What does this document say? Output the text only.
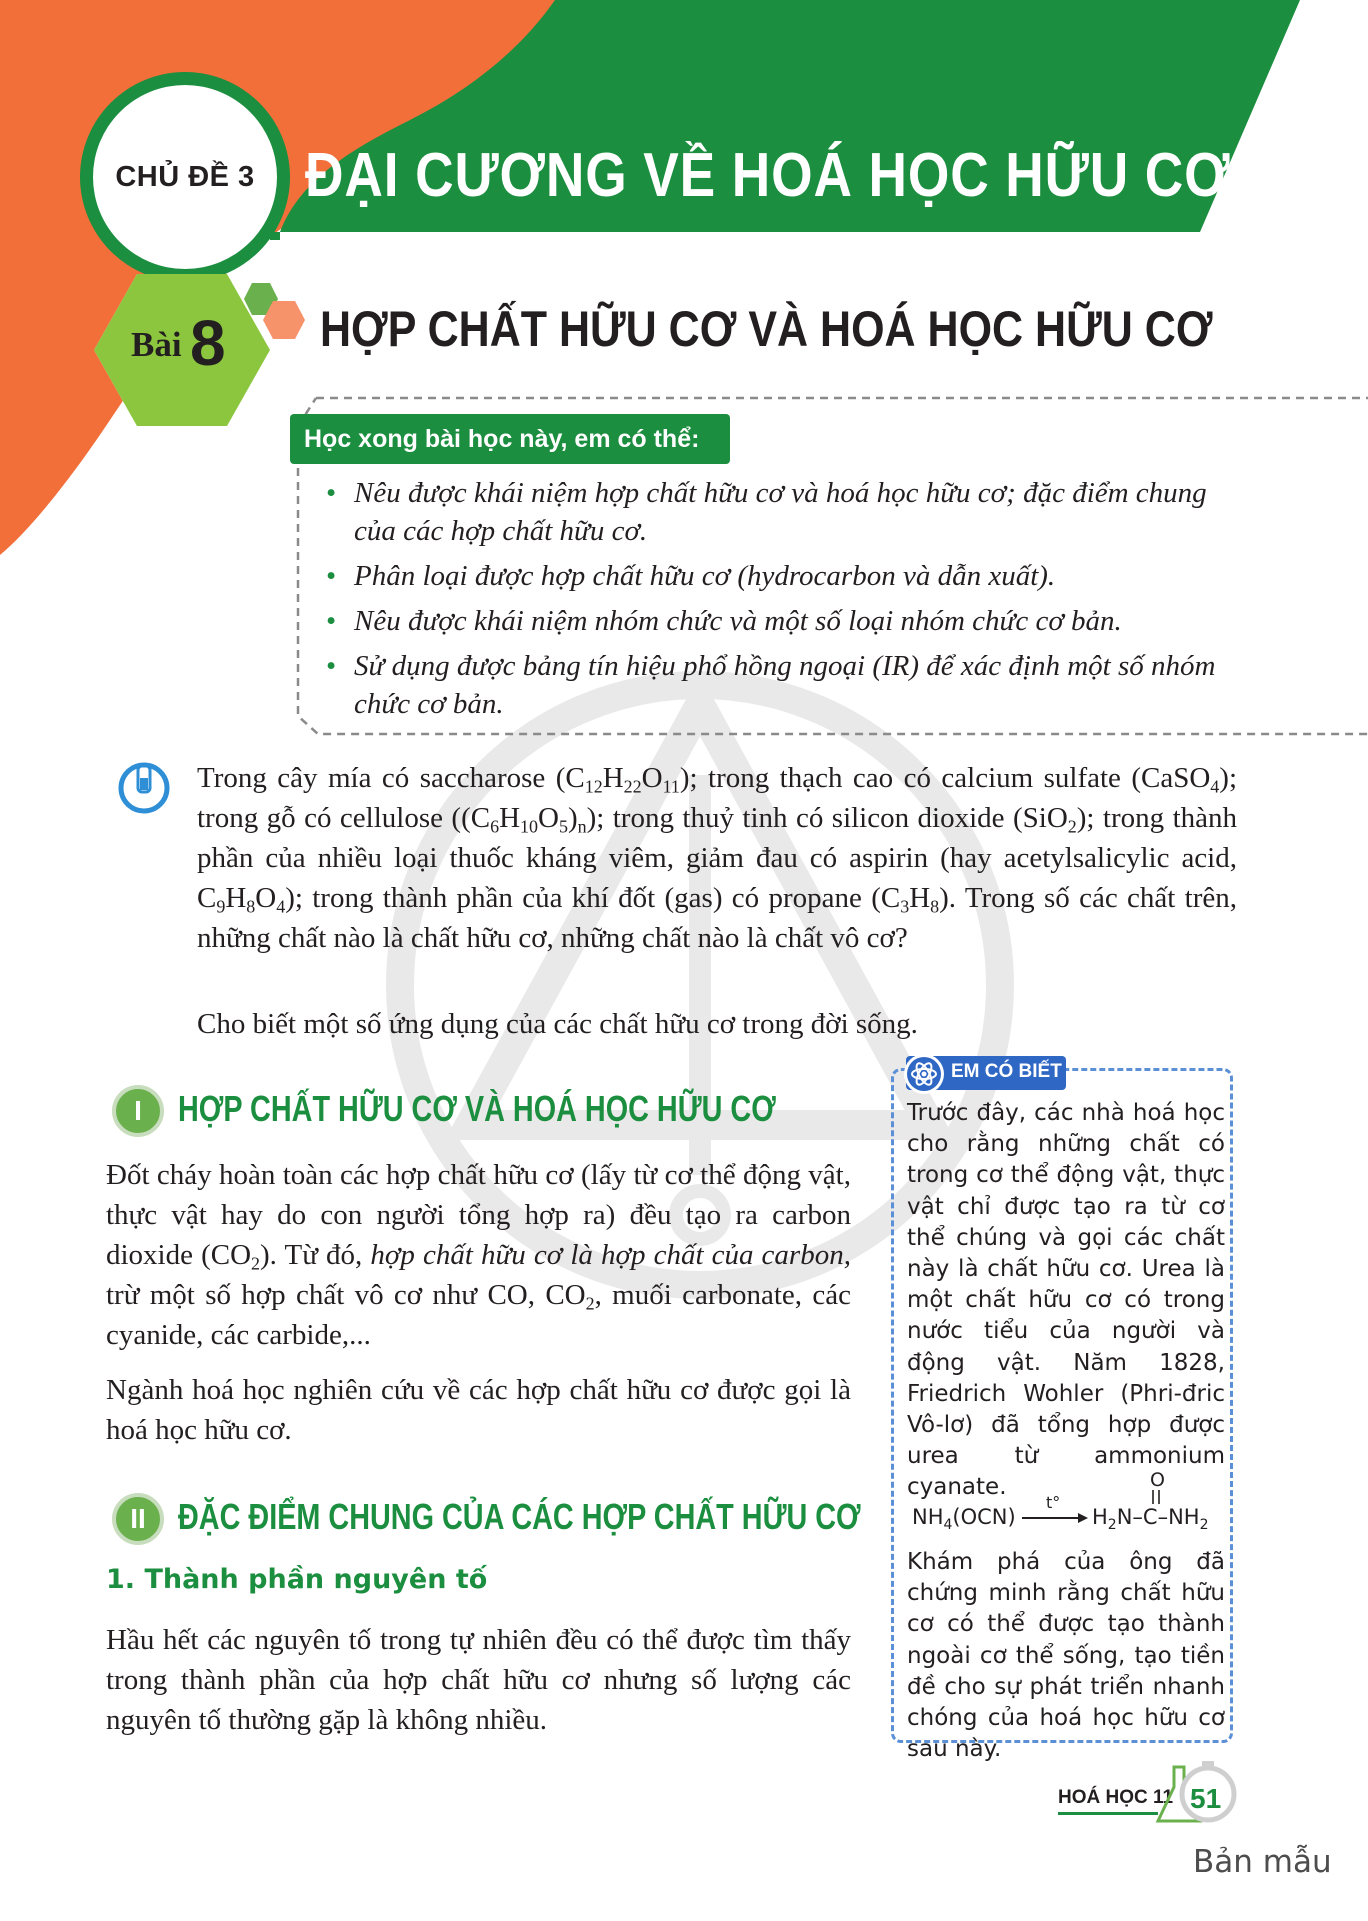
CHỦ ĐỀ 3 ĐẠI CƯƠNG VỀ HOÁ HỌC HỮU CƠ
Bài 8 HỢP CHẤT HỮU CƠ VÀ HOÁ HỌC HỮU CƠ
Học xong bài học này, em có thể:
• Nêu được khái niệm hợp chất hữu cơ và hoá học hữu cơ; đặc điểm chung của các hợp chất hữu cơ.
• Phân loại được hợp chất hữu cơ (hydrocarbon và dẫn xuất).
• Nêu được khái niệm nhóm chức và một số loại nhóm chức cơ bản.
• Sử dụng được bảng tín hiệu phổ hồng ngoại (IR) để xác định một số nhóm chức cơ bản.
Trong cây mía có saccharose $(C_{12}H_{22}O_{11})$; trong thạch cao có calcium sulfate (CaSO$_4$); trong gỗ có cellulose $((C_6H_{10}O_5)_n)$; trong thuỷ tinh có silicon dioxide (SiO$_2$); trong thành phần của nhiều loại thuốc kháng viêm, giảm đau có aspirin (hay acetylsalicylic acid, $C_9H_8O_4$); trong thành phần của khí đốt (gas) có propane $(C_3H_8)$. Trong số các chất trên, những chất nào là chất hữu cơ, những chất nào là chất vô cơ?
Cho biết một số ứng dụng của các chất hữu cơ trong đời sống.
I HỢP CHẤT HỮU CƠ VÀ HOÁ HỌC HỮU CƠ
Đốt cháy hoàn toàn các hợp chất hữu cơ (lấy từ cơ thể động vật, thực vật hay do con người tổng hợp ra) đều tạo ra carbon dioxide $(CO_2)$. Từ đó, hợp chất hữu cơ là hợp chất của carbon, trừ một số hợp chất vô cơ như CO, $CO_2$, muối carbonate, các cyanide, các carbide,...
Ngành hoá học nghiên cứu về các hợp chất hữu cơ được gọi là hoá học hữu cơ.
II ĐẶC ĐIỂM CHUNG CỦA CÁC HỢP CHẤT HỮU CƠ
1. Thành phần nguyên tố
Hầu hết các nguyên tố trong tự nhiên đều có thể được tìm thấy trong thành phần của hợp chất hữu cơ nhưng số lượng các nguyên tố thường gặp là không nhiều.
EM CÓ BIẾT
Trước đây, các nhà hoá học cho rằng những chất có trong cơ thể động vật, thực vật chỉ được tạo ra từ cơ thể chúng và gọi các chất này là chất hữu cơ. Urea là một chất hữu cơ có trong nước tiểu của người và động vật. Năm 1828, Friedrich Wohler (Phri-đric Vô-lơ) đã tổng hợp được urea từ ammonium cyanate.
$NH_4(OCN)$
t°
$H_2N-C-NH_2$
O
Khám phá của ông đã chứng minh rằng chất hữu cơ có thể được tạo thành ngoài cơ thể sống, tạo tiền đề cho sự phát triển nhanh chóng của hoá học hữu cơ sau này.
HOÁ HỌC 11 51
Bản mẫu
